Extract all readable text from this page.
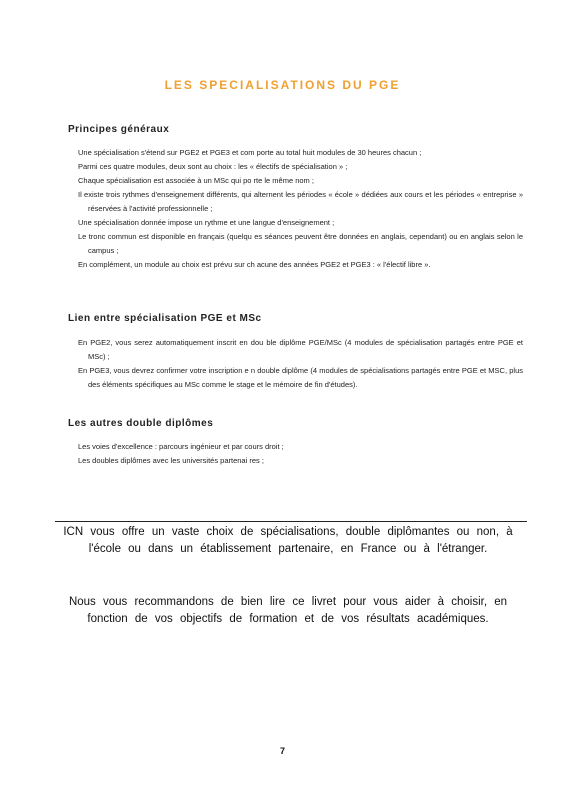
LES SPECIALISATIONS DU PGE
Principes généraux
Une spécialisation s'étend sur PGE2 et PGE3 et com porte au total huit modules de 30 heures chacun ;
Parmi ces quatre modules, deux sont au choix : les « électifs de spécialisation » ;
Chaque spécialisation est associée à un MSc qui po rte le même nom ;
Il existe trois rythmes d'enseignement différents, qui alternent les périodes « école » dédiées aux cours et les périodes « entreprise » réservées à l'activité professionnelle ;
Une spécialisation donnée impose un rythme et une langue d'enseignement ;
Le tronc commun est disponible en français (quelqu es séances peuvent être données en anglais, cependant) ou en anglais selon le campus ;
En complément, un module au choix est prévu sur ch acune des années PGE2 et PGE3 : « l'électif libre ».
Lien entre spécialisation PGE et MSc
En PGE2, vous serez automatiquement inscrit en dou ble diplôme PGE/MSc (4 modules de spécialisation partagés entre PGE et MSc) ;
En PGE3, vous devrez confirmer votre inscription e n double diplôme (4 modules de spécialisations partagés entre PGE et MSC, plus des éléments spécifiques au MSc comme le stage et le mémoire de fin d'études).
Les autres double diplômes
Les voies d'excellence : parcours ingénieur et par cours droit ;
Les doubles diplômes avec les universités partenai res ;

ICN vous offre un vaste choix de spécialisations, double diplômantes ou non, à l'école ou dans un établissement partenaire, en France ou à l'étranger.

Nous vous recommandons de bien lire ce livret pour vous aider à choisir, en fonction de vos objectifs de formation et de vos résultats académiques.

7
